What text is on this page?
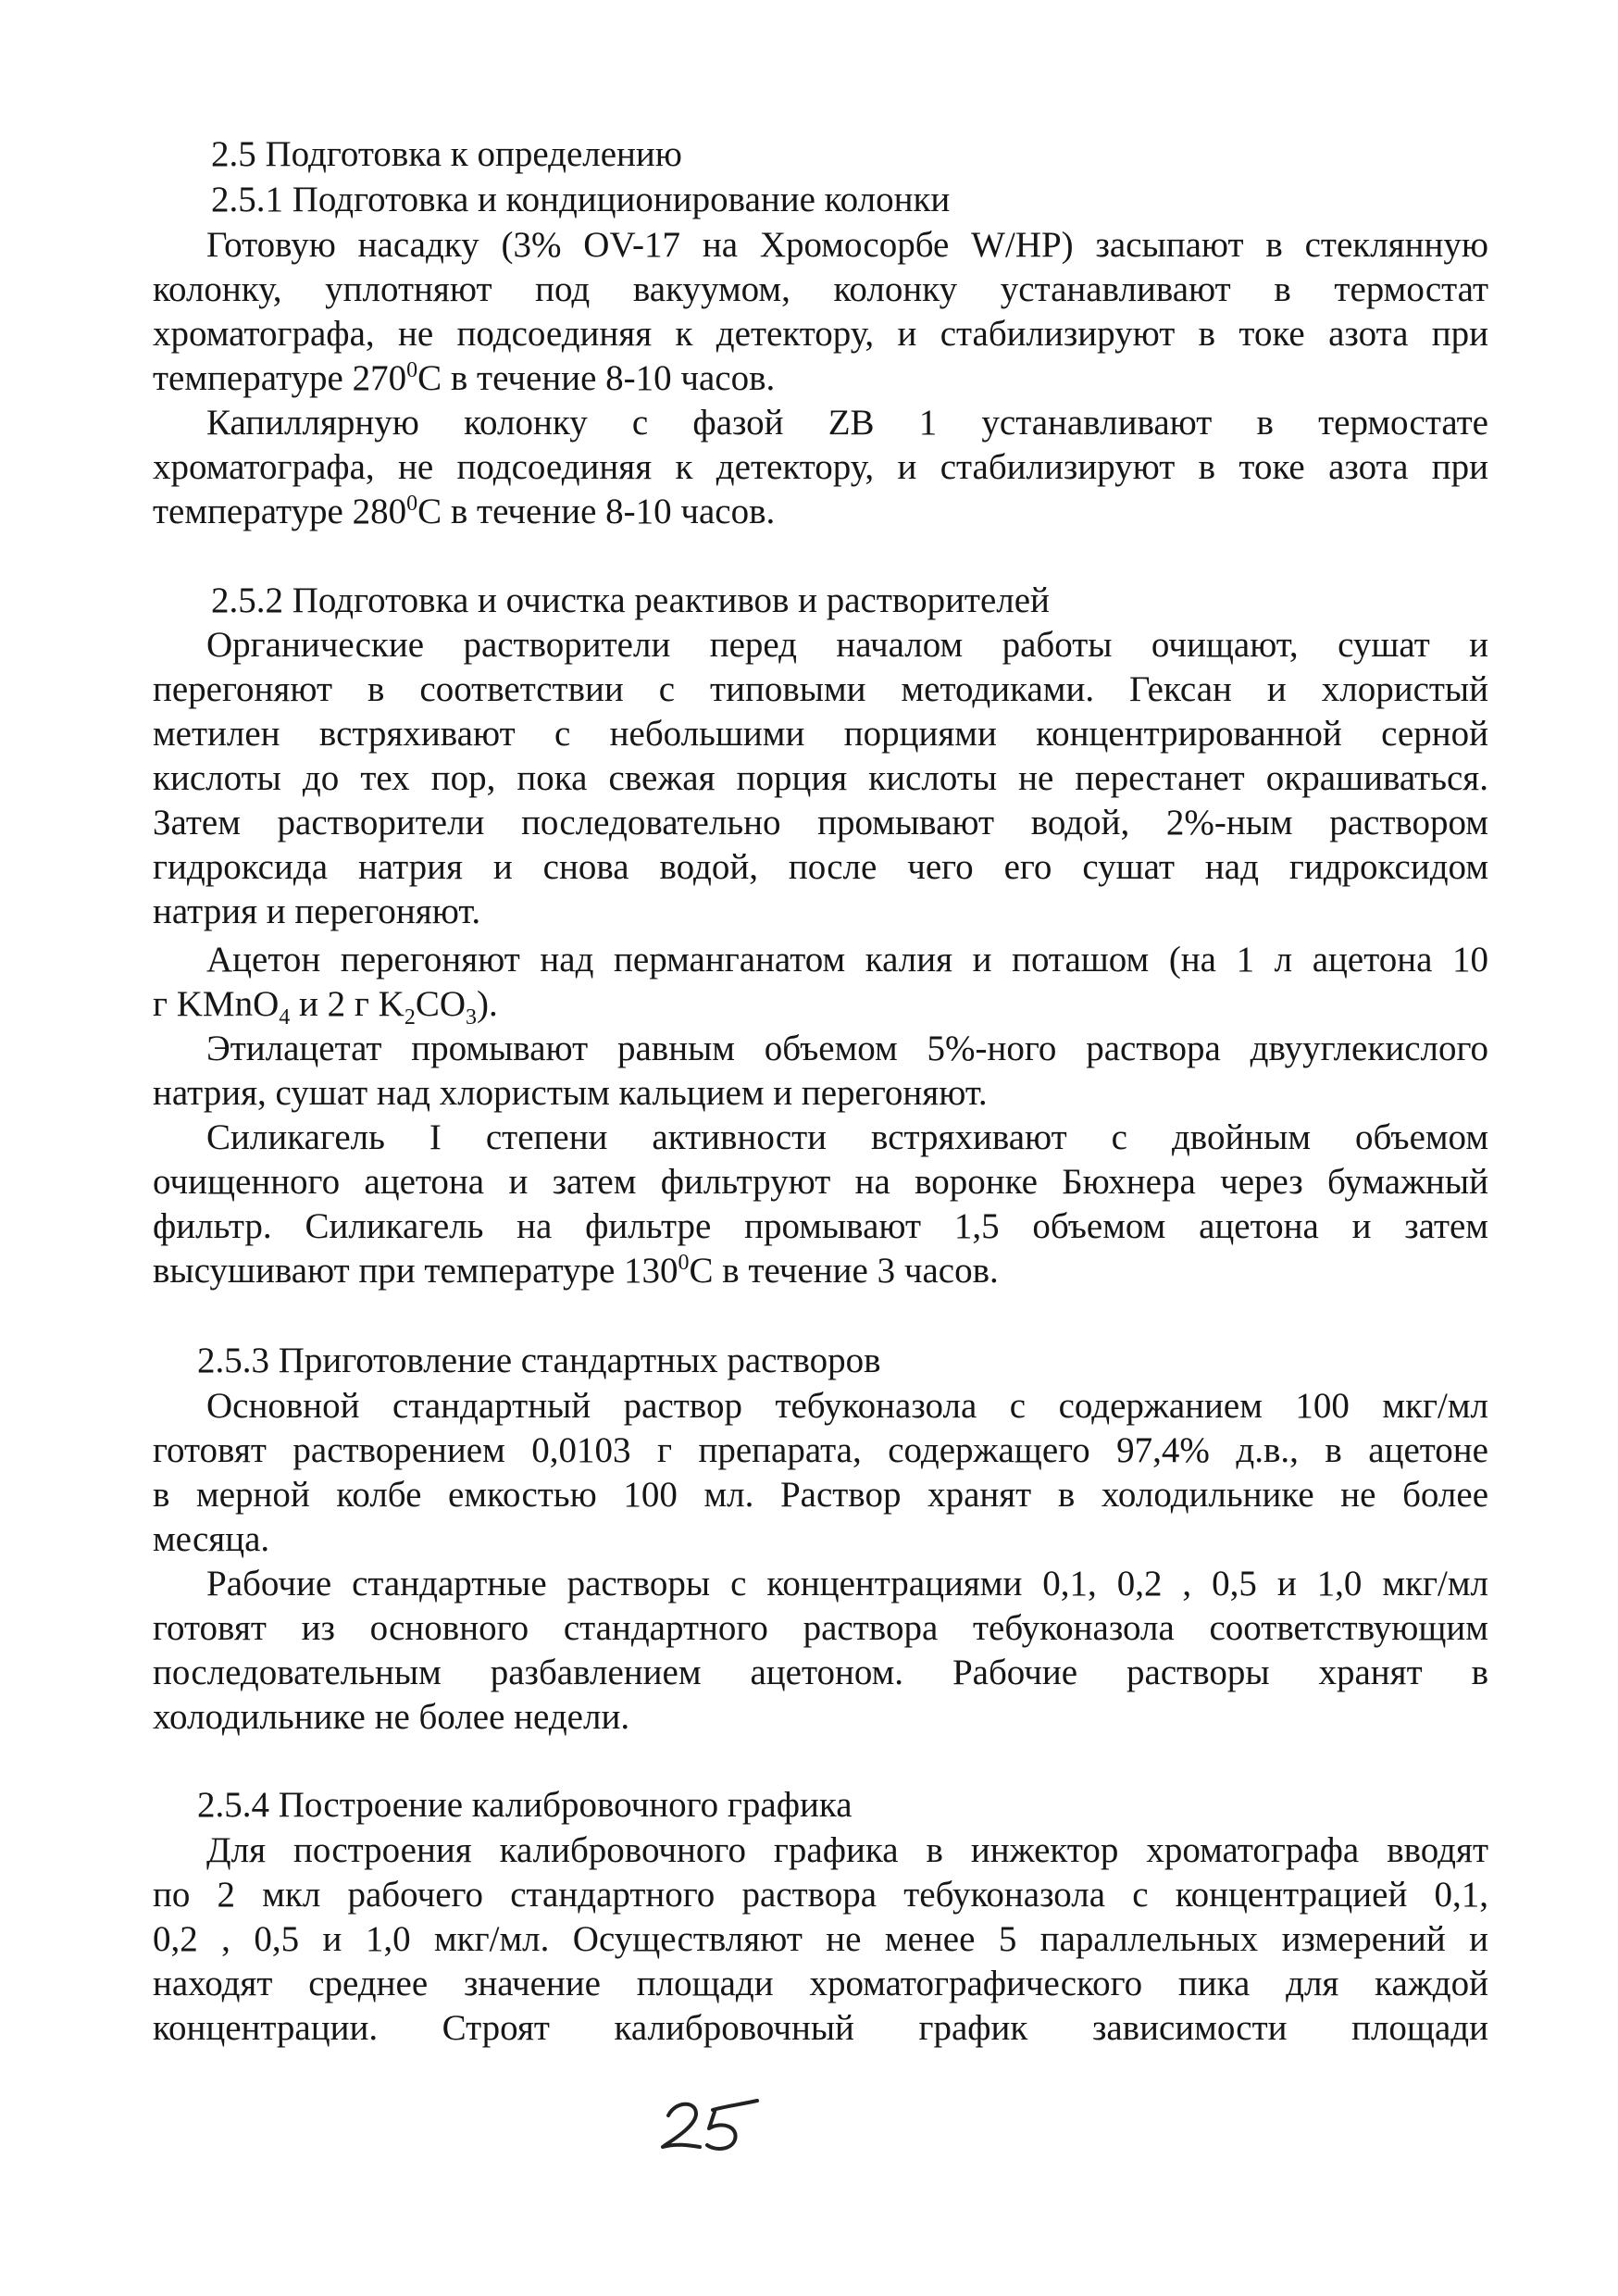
2.5 Подготовка к определению
2.5.1 Подготовка и кондиционирование колонки
Готовую насадку (3% OV-17 на Хромосорбе W/HP) засыпают в стеклянную
колонку, уплотняют под вакуумом, колонку устанавливают в термостат
хроматографа, не подсоединяя к детектору, и стабилизируют в токе азота при
температуре $270^0С$ в течение 8-10 часов.
Капиллярную колонку с фазой ZB 1 устанавливают в термостате
хроматографа, не подсоединяя к детектору, и стабилизируют в токе азота при
температуре $280^0С$ в течение 8-10 часов.
2.5.2 Подготовка и очистка реактивов и растворителей
Органические растворители перед началом работы очищают, сушат и
перегоняют в соответствии с типовыми методиками. Гексан и хлористый
метилен встряхивают с небольшими порциями концентрированной серной
кислоты до тех пор, пока свежая порция кислоты не перестанет окрашиваться.
Затем растворители последовательно промывают водой, 2%-ным раствором
гидроксида натрия и снова водой, после чего его сушат над гидроксидом
натрия и перегоняют.
Ацетон перегоняют над перманганатом калия и поташом (на 1 л ацетона 10
г KMnO$_4$ и 2 г $K_2CO_3$).
Этилацетат промывают равным объемом 5%-ного раствора двууглекислого
натрия, сушат над хлористым кальцием и перегоняют.
Силикагель I степени активности встряхивают с двойным объемом
очищенного ацетона и затем фильтруют на воронке Бюхнера через бумажный
фильтр. Силикагель на фильтре промывают 1,5 объемом ацетона и затем
высушивают при температуре $130^0С$ в течение 3 часов.
2.5.3 Приготовление стандартных растворов
Основной стандартный раствор тебуконазола с содержанием 100 мкг/мл
готовят растворением 0,0103 г препарата, содержащего 97,4% д.в., в ацетоне
в мерной колбе емкостью 100 мл. Раствор хранят в холодильнике не более
месяца.
Рабочие стандартные растворы с концентрациями 0,1, 0,2 , 0,5 и 1,0 мкг/мл
готовят из основного стандартного раствора тебуконазола соответствующим
последовательным разбавлением ацетоном. Рабочие растворы хранят в
холодильнике не более недели.
2.5.4 Построение калибровочного графика
Для построения калибровочного графика в инжектор хроматографа вводят
по 2 мкл рабочего стандартного раствора тебуконазола с концентрацией 0,1,
0,2 , 0,5 и 1,0 мкг/мл. Осуществляют не менее 5 параллельных измерений и
находят среднее значение площади хроматографического пика для каждой
концентрации. Строят калибровочный график зависимости площади
